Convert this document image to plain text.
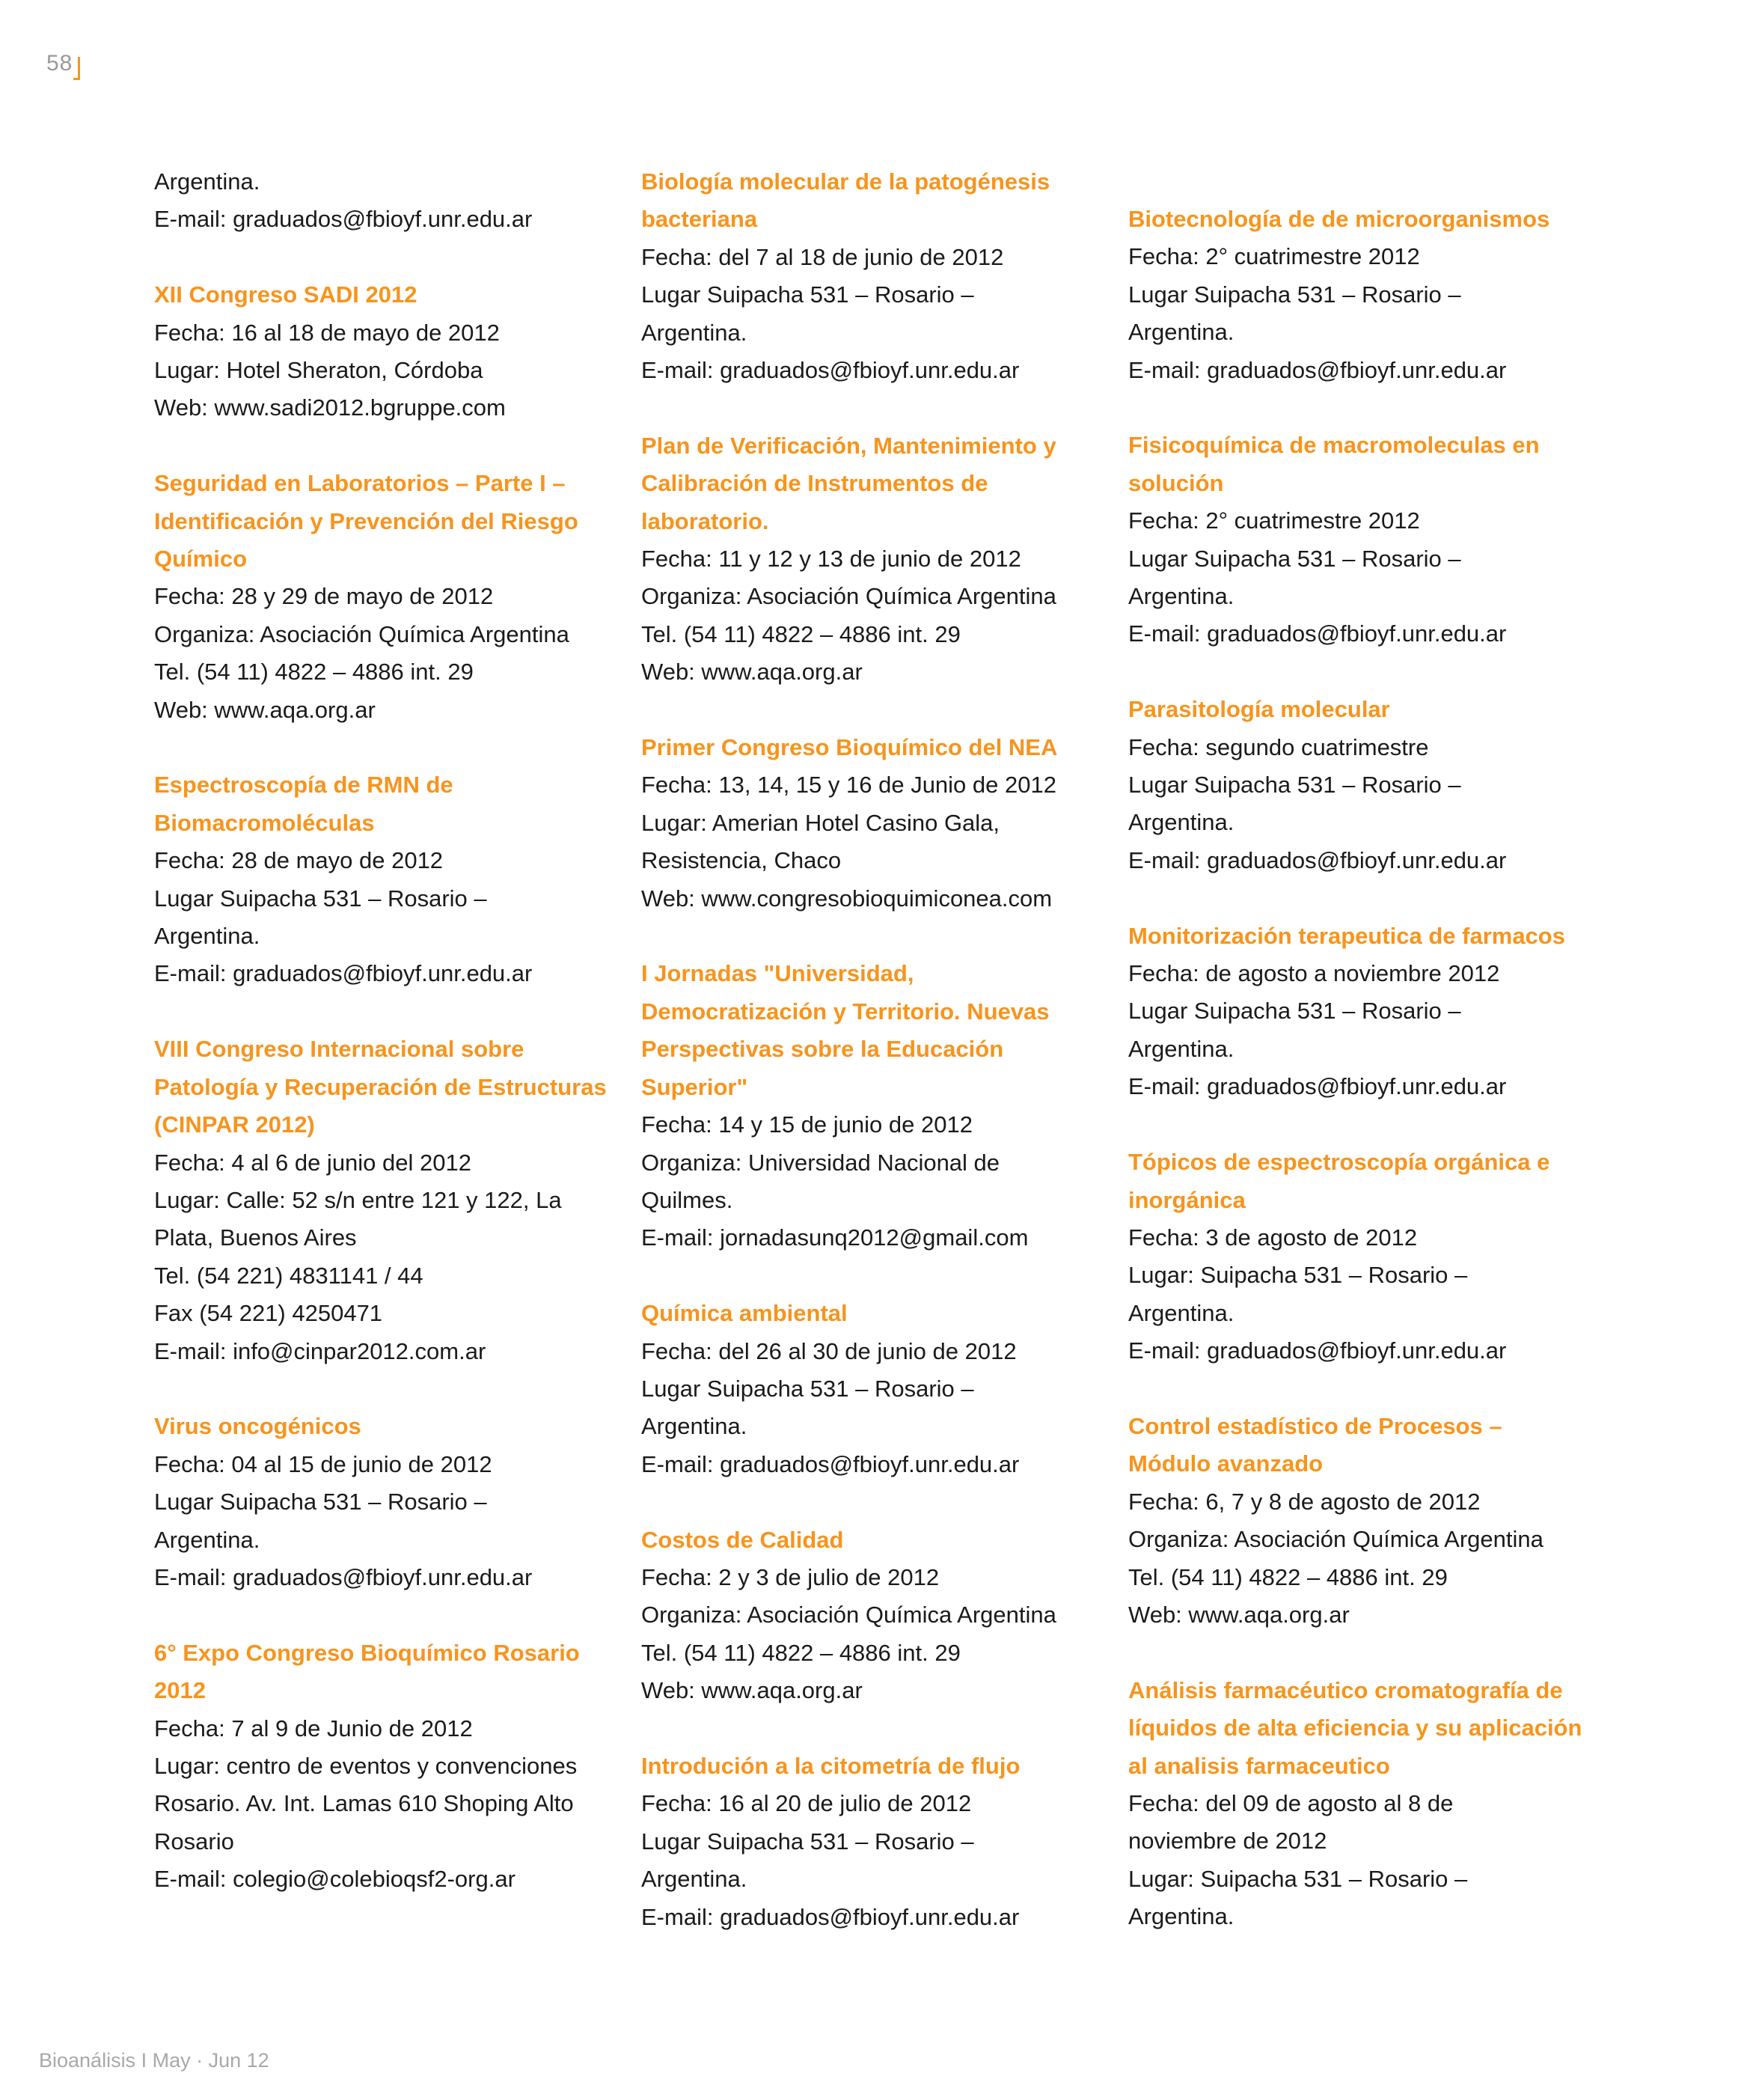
58
Argentina.
E-mail: graduados@fbioyf.unr.edu.ar
XII Congreso SADI 2012
Fecha: 16 al 18 de mayo de 2012
Lugar: Hotel Sheraton, Córdoba
Web: www.sadi2012.bgruppe.com
Seguridad en Laboratorios – Parte I – Identificación y Prevención del Riesgo Químico
Fecha: 28 y 29 de mayo de 2012
Organiza: Asociación Química Argentina
Tel. (54 11) 4822 – 4886 int. 29
Web: www.aqa.org.ar
Espectroscopía de RMN de Biomacromoléculas
Fecha: 28 de mayo de 2012
Lugar Suipacha 531 – Rosario –
Argentina.
E-mail: graduados@fbioyf.unr.edu.ar
VIII Congreso Internacional sobre Patología y Recuperación de Estructuras (CINPAR 2012)
Fecha: 4 al 6 de junio del 2012
Lugar: Calle: 52 s/n entre 121 y 122, La
Plata, Buenos Aires
Tel. (54 221) 4831141 / 44
Fax (54 221) 4250471
E-mail: info@cinpar2012.com.ar
Virus oncogénicos
Fecha: 04 al 15 de junio de 2012
Lugar Suipacha 531 – Rosario –
Argentina.
E-mail: graduados@fbioyf.unr.edu.ar
6° Expo Congreso Bioquímico Rosario 2012
Fecha: 7 al 9 de Junio de 2012
Lugar: centro de eventos y convenciones
Rosario. Av. Int. Lamas 610 Shoping Alto
Rosario
E-mail: colegio@colebioqsf2-org.ar
Biología molecular de la patogénesis bacteriana
Fecha: del 7 al 18 de junio de 2012
Lugar Suipacha 531 – Rosario –
Argentina.
E-mail: graduados@fbioyf.unr.edu.ar
Plan de Verificación, Mantenimiento y Calibración de Instrumentos de laboratorio.
Fecha: 11 y 12 y 13 de junio de 2012
Organiza: Asociación Química Argentina
Tel. (54 11) 4822 – 4886 int. 29
Web: www.aqa.org.ar
Primer Congreso Bioquímico del NEA
Fecha: 13, 14, 15 y 16 de Junio de 2012
Lugar: Amerian Hotel Casino Gala,
Resistencia, Chaco
Web: www.congresobioquimiconea.com
I Jornadas "Universidad, Democratización y Territorio. Nuevas Perspectivas sobre la Educación Superior"
Fecha: 14 y 15 de junio de 2012
Organiza: Universidad Nacional de
Quilmes.
E-mail: jornadasunq2012@gmail.com
Química ambiental
Fecha: del 26 al 30 de junio de 2012
Lugar Suipacha 531 – Rosario –
Argentina.
E-mail: graduados@fbioyf.unr.edu.ar
Costos de Calidad
Fecha: 2 y 3 de julio de 2012
Organiza: Asociación Química Argentina
Tel. (54 11) 4822 – 4886 int. 29
Web: www.aqa.org.ar
Introdución a la citometría de flujo
Fecha: 16 al 20 de julio de 2012
Lugar Suipacha 531 – Rosario –
Argentina.
E-mail: graduados@fbioyf.unr.edu.ar
Biotecnología de de microorganismos
Fecha: 2° cuatrimestre 2012
Lugar Suipacha 531 – Rosario –
Argentina.
E-mail: graduados@fbioyf.unr.edu.ar
Fisicoquímica de macromoleculas en solución
Fecha: 2° cuatrimestre 2012
Lugar Suipacha 531 – Rosario –
Argentina.
E-mail: graduados@fbioyf.unr.edu.ar
Parasitología molecular
Fecha: segundo cuatrimestre
Lugar Suipacha 531 – Rosario –
Argentina.
E-mail: graduados@fbioyf.unr.edu.ar
Monitorización terapeutica de farmacos
Fecha: de agosto a noviembre 2012
Lugar Suipacha 531 – Rosario –
Argentina.
E-mail: graduados@fbioyf.unr.edu.ar
Tópicos de espectroscopía orgánica e inorgánica
Fecha: 3 de agosto de 2012
Lugar: Suipacha 531 – Rosario –
Argentina.
E-mail: graduados@fbioyf.unr.edu.ar
Control estadístico de Procesos – Módulo avanzado
Fecha: 6, 7 y 8 de agosto de 2012
Organiza: Asociación Química Argentina
Tel. (54 11) 4822 – 4886 int. 29
Web: www.aqa.org.ar
Análisis farmacéutico cromatografía de líquidos de alta eficiencia y su aplicación al analisis farmaceutico
Fecha: del 09 de agosto al 8 de
noviembre de 2012
Lugar: Suipacha 531 – Rosario –
Argentina.
Bioanálisis I May · Jun 12
